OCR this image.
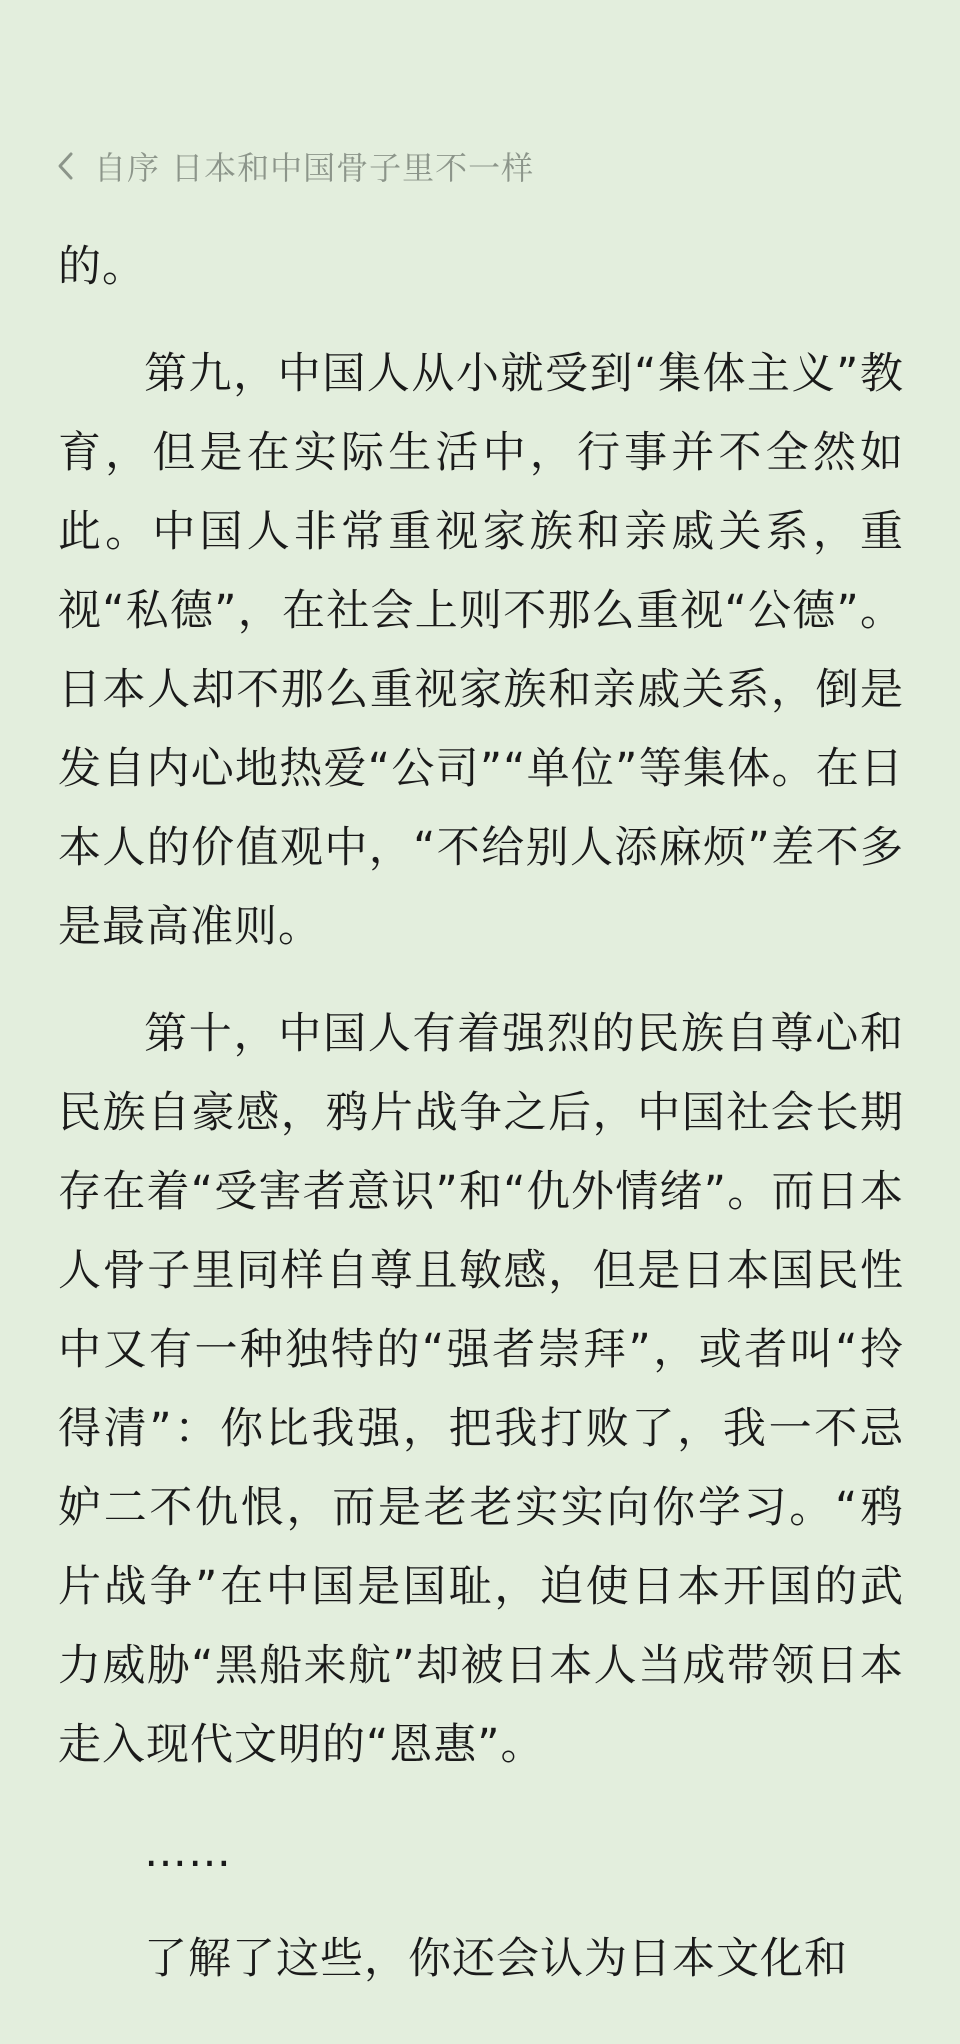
自序 日本和中国骨子里不一样

的。

第九，中国人从小就受到“集体主义”教育，但是在实际生活中，行事并不全然如此。中国人非常重视家族和亲戚关系，重视“私德”，在社会上则不那么重视“公德”。日本人却不那么重视家族和亲戚关系，倒是发自内心地热爱“公司”“单位”等集体。在日本人的价值观中，“不给别人添麻烦”差不多是最高准则。

第十，中国人有着强烈的民族自尊心和民族自豪感，鸦片战争之后，中国社会长期存在着“受害者意识”和“仇外情绪”。而日本人骨子里同样自尊且敏感，但是日本国民性中又有一种独特的“强者崇拜”，或者叫“拎得清”：你比我强，把我打败了，我一不忌妒二不仇恨，而是老老实实向你学习。“鸦片战争”在中国是国耻，迫使日本开国的武力威胁“黑船来航”却被日本人当成带领日本走入现代文明的“恩惠”。

……

了解了这些，你还会认为日本文化和
